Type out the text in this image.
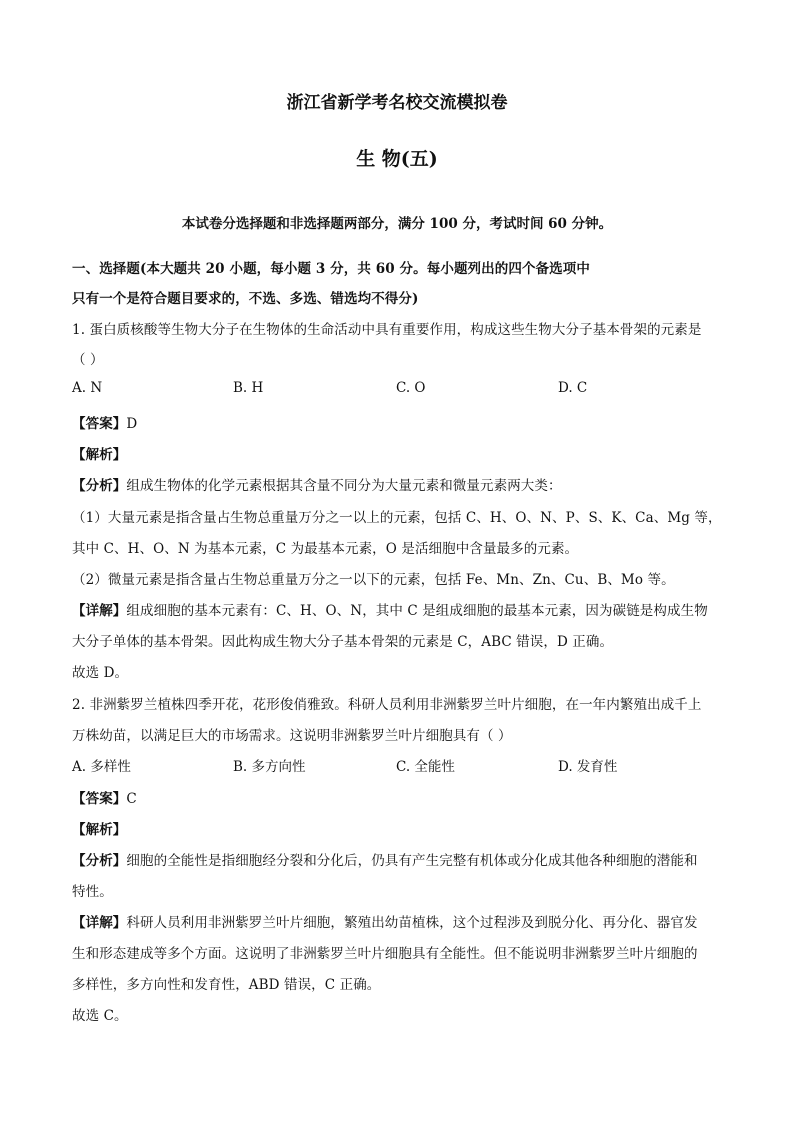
浙江省新学考名校交流模拟卷
生 物(五)
本试卷分选择题和非选择题两部分，满分 100 分，考试时间 60 分钟。
一、选择题(本大题共 20 小题，每小题 3 分，共 60 分。每小题列出的四个备选项中
只有一个是符合题目要求的，不选、多选、错选均不得分)
1. 蛋白质核酸等生物大分子在生物体的生命活动中具有重要作用，构成这些生物大分子基本骨架的元素是
（ ）
A. N	B. H	C. O	D. C
【答案】D
【解析】
【分析】组成生物体的化学元素根据其含量不同分为大量元素和微量元素两大类：
（1）大量元素是指含量占生物总重量万分之一以上的元素，包括 C、H、O、N、P、S、K、Ca、Mg 等，
其中 C、H、O、N 为基本元素，C 为最基本元素，O 是活细胞中含量最多的元素。
（2）微量元素是指含量占生物总重量万分之一以下的元素，包括 Fe、Mn、Zn、Cu、B、Mo 等。
【详解】组成细胞的基本元素有：C、H、O、N，其中 C 是组成细胞的最基本元素，因为碳链是构成生物
大分子单体的基本骨架。因此构成生物大分子基本骨架的元素是 C，ABC 错误，D 正确。
故选 D。
2. 非洲紫罗兰植株四季开花，花形俊俏雅致。科研人员利用非洲紫罗兰叶片细胞，在一年内繁殖出成千上
万株幼苗，以满足巨大的市场需求。这说明非洲紫罗兰叶片细胞具有（ ）
A. 多样性	B. 多方向性	C. 全能性	D. 发育性
【答案】C
【解析】
【分析】细胞的全能性是指细胞经分裂和分化后，仍具有产生完整有机体或分化成其他各种细胞的潜能和
特性。
【详解】科研人员利用非洲紫罗兰叶片细胞，繁殖出幼苗植株，这个过程涉及到脱分化、再分化、器官发
生和形态建成等多个方面。这说明了非洲紫罗兰叶片细胞具有全能性。但不能说明非洲紫罗兰叶片细胞的
多样性，多方向性和发育性，ABD 错误，C 正确。
故选 C。
